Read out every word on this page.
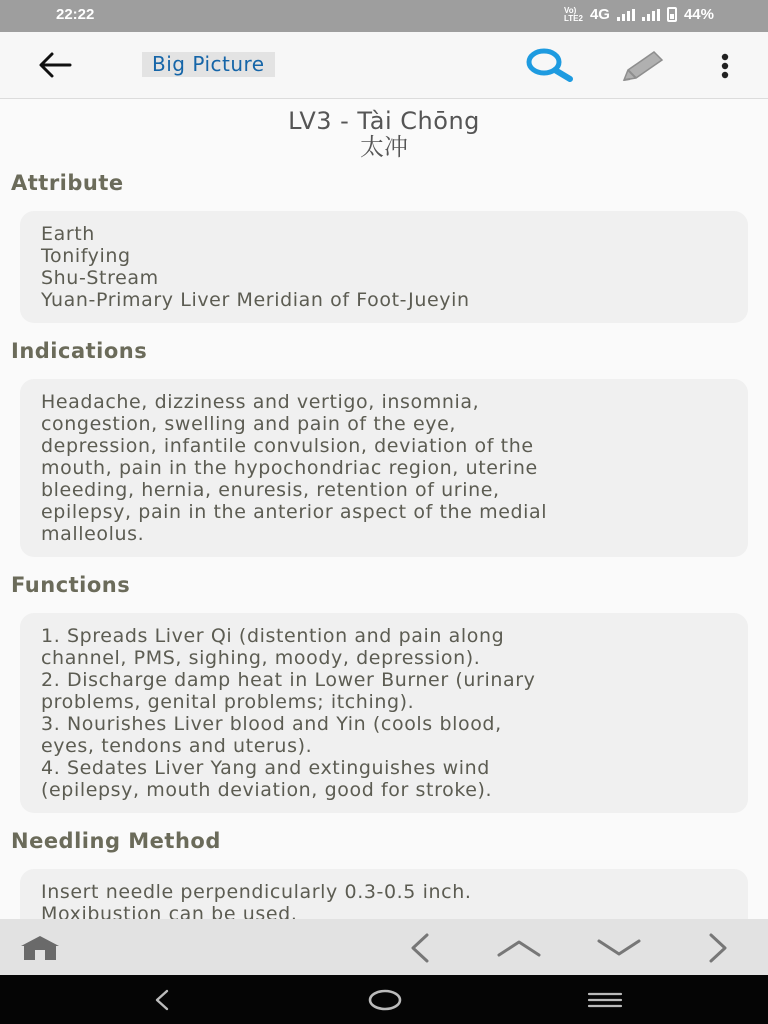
22:22	Vo)
LTE2 4G	44%
Big Picture
LV3 - Tài Chōng
太冲
Attribute
Earth
Tonifying
Shu-Stream
Yuan-Primary Liver Meridian of Foot-Jueyin
Indications
Headache, dizziness and vertigo, insomnia,
congestion, swelling and pain of the eye,
depression, infantile convulsion, deviation of the
mouth, pain in the hypochondriac region, uterine
bleeding, hernia, enuresis, retention of urine,
epilepsy, pain in the anterior aspect of the medial
malleolus.
Functions
1. Spreads Liver Qi (distention and pain along
channel, PMS, sighing, moody, depression).
2. Discharge damp heat in Lower Burner (urinary
problems, genital problems; itching).
3. Nourishes Liver blood and Yin (cools blood,
eyes, tendons and uterus).
4. Sedates Liver Yang and extinguishes wind
(epilepsy, mouth deviation, good for stroke).
Needling Method
Insert needle perpendicularly 0.3-0.5 inch.
Moxibustion can be used.
